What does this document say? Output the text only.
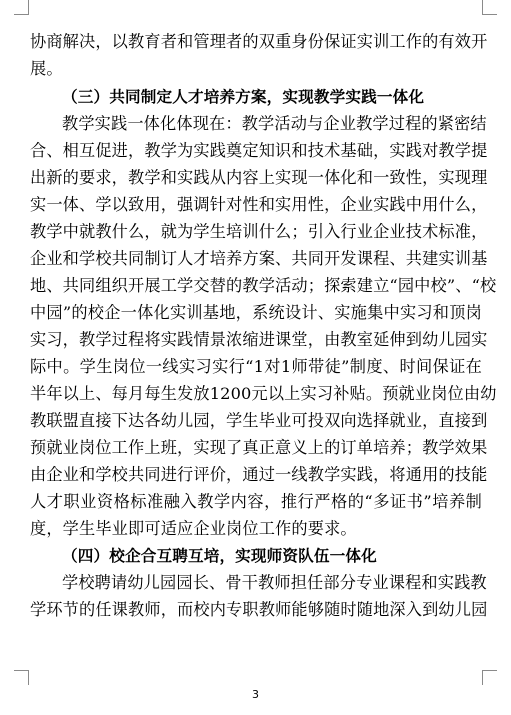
协商解决，以教育者和管理者的双重身份保证实训工作的有效开
展。
（三）共同制定人才培养方案，实现教学实践一体化
教学实践一体化体现在：教学活动与企业教学过程的紧密结
合、相互促进，教学为实践奠定知识和技术基础，实践对教学提
出新的要求，教学和实践从内容上实现一体化和一致性，实现理
实一体、学以致用，强调针对性和实用性，企业实践中用什么，
教学中就教什么，就为学生培训什么；引入行业企业技术标准，
企业和学校共同制订人才培养方案、共同开发课程、共建实训基
地、共同组织开展工学交替的教学活动；探索建立“园中校”、“校
中园”的校企一体化实训基地，系统设计、实施集中实习和顶岗
实习，教学过程将实践情景浓缩进课堂，由教室延伸到幼儿园实
际中。学生岗位一线实习实行“1对1师带徒”制度、时间保证在
半年以上、每月每生发放1200元以上实习补贴。预就业岗位由幼
教联盟直接下达各幼儿园，学生毕业可投双向选择就业，直接到
预就业岗位工作上班，实现了真正意义上的订单培养；教学效果
由企业和学校共同进行评价，通过一线教学实践，将通用的技能
人才职业资格标准融入教学内容，推行严格的“多证书”培养制
度，学生毕业即可适应企业岗位工作的要求。
（四）校企合互聘互培，实现师资队伍一体化
学校聘请幼儿园园长、骨干教师担任部分专业课程和实践教
学环节的任课教师，而校内专职教师能够随时随地深入到幼儿园
3
